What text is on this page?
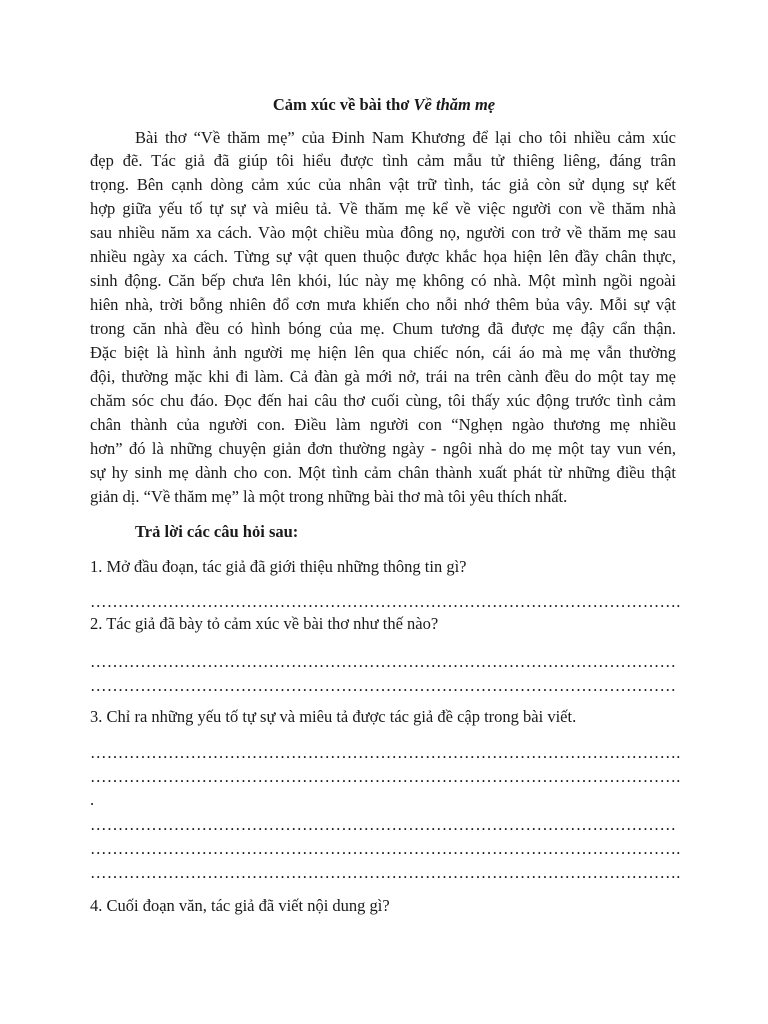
Cảm xúc về bài thơ Về thăm mẹ
Bài thơ “Về thăm mẹ” của Đinh Nam Khương để lại cho tôi nhiều cảm xúc
đẹp đẽ. Tác giả đã giúp tôi hiểu được tình cảm mẫu tử thiêng liêng, đáng trân
trọng. Bên cạnh dòng cảm xúc của nhân vật trữ tình, tác giả còn sử dụng sự kết
hợp giữa yếu tố tự sự và miêu tả. Về thăm mẹ kể về việc người con về thăm nhà
sau nhiều năm xa cách. Vào một chiều mùa đông nọ, người con trở về thăm mẹ sau
nhiều ngày xa cách. Từng sự vật quen thuộc được khắc họa hiện lên đầy chân thực,
sinh động. Căn bếp chưa lên khói, lúc này mẹ không có nhà. Một mình ngồi ngoài
hiên nhà, trời bỗng nhiên đổ cơn mưa khiến cho nỗi nhớ thêm bủa vây. Mỗi sự vật
trong căn nhà đều có hình bóng của mẹ. Chum tương đã được mẹ đậy cẩn thận.
Đặc biệt là hình ảnh người mẹ hiện lên qua chiếc nón, cái áo mà mẹ vẫn thường
đội, thường mặc khi đi làm. Cả đàn gà mới nở, trái na trên cành đều do một tay mẹ
chăm sóc chu đáo. Đọc đến hai câu thơ cuối cùng, tôi thấy xúc động trước tình cảm
chân thành của người con. Điều làm người con “Nghẹn ngào thương mẹ nhiều
hơn” đó là những chuyện giản đơn thường ngày - ngôi nhà do mẹ một tay vun vén,
sự hy sinh mẹ dành cho con. Một tình cảm chân thành xuất phát từ những điều thật
giản dị. “Về thăm mẹ” là một trong những bài thơ mà tôi yêu thích nhất.
Trả lời các câu hỏi sau:
1. Mở đầu đoạn, tác giả đã giới thiệu những thông tin gì?
…………………………………………………………………………………………….
2. Tác giả đã bày tỏ cảm xúc về bài thơ như thế nào?
……………………………………………………………………………………………
……………………………………………………………………………………………
3. Chỉ ra những yếu tố tự sự và miêu tả được tác giả đề cập trong bài viết.
…………………………………………………………………………………………….
…………………………………………………………………………………………….
.
……………………………………………………………………………………………
…………………………………………………………………………………………….
…………………………………………………………………………………………….
4. Cuối đoạn văn, tác giả đã viết nội dung gì?
